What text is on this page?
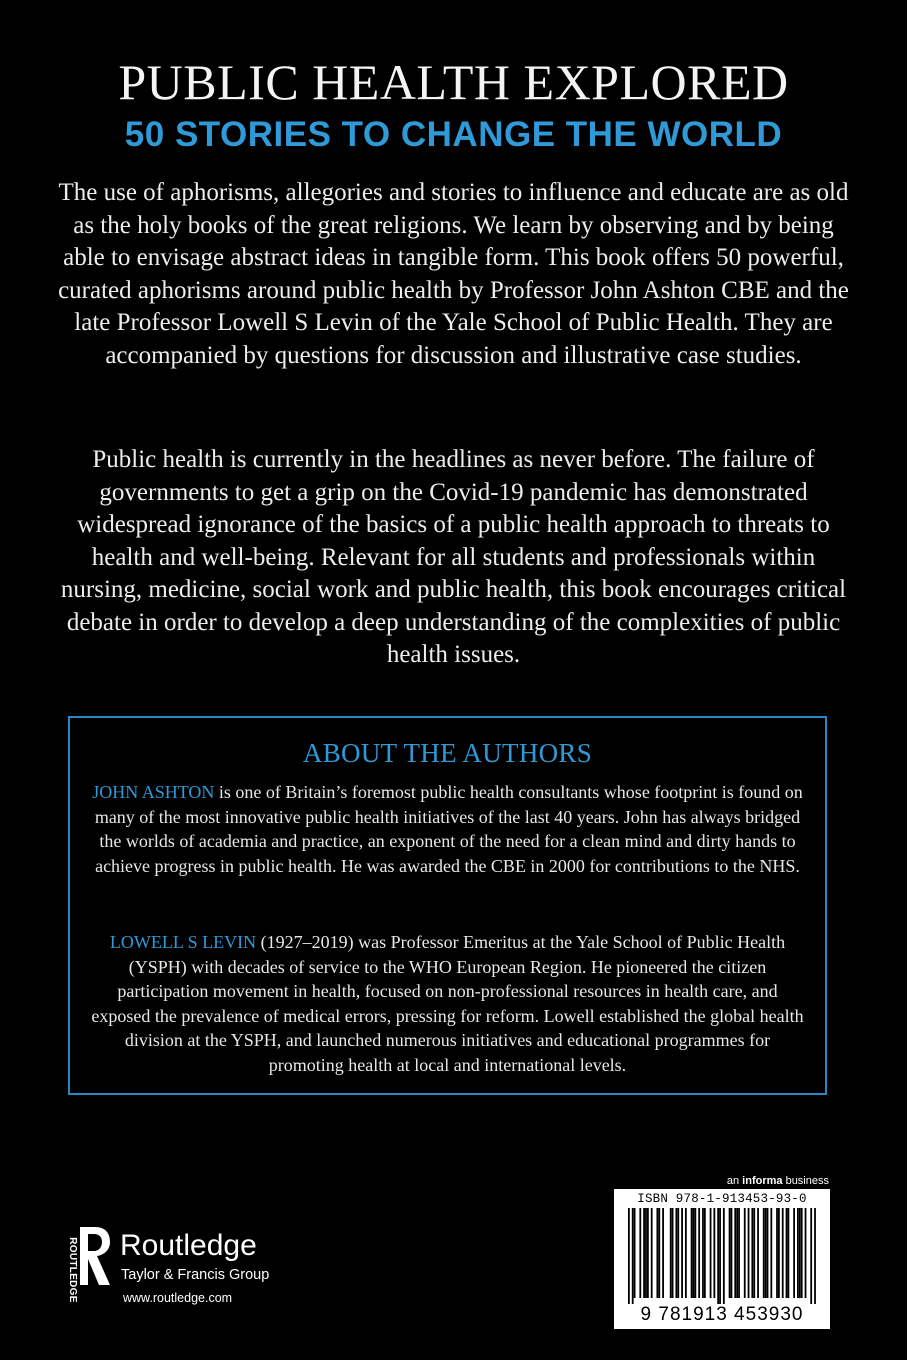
PUBLIC HEALTH EXPLORED
50 STORIES TO CHANGE THE WORLD

The use of aphorisms, allegories and stories to influence and educate are as old as the holy books of the great religions. We learn by observing and by being able to envisage abstract ideas in tangible form. This book offers 50 powerful, curated aphorisms around public health by Professor John Ashton CBE and the late Professor Lowell S Levin of the Yale School of Public Health. They are accompanied by questions for discussion and illustrative case studies.

Public health is currently in the headlines as never before. The failure of governments to get a grip on the Covid-19 pandemic has demonstrated widespread ignorance of the basics of a public health approach to threats to health and well-being. Relevant for all students and professionals within nursing, medicine, social work and public health, this book encourages critical debate in order to develop a deep understanding of the complexities of public health issues.

ABOUT THE AUTHORS

JOHN ASHTON is one of Britain’s foremost public health consultants whose footprint is found on many of the most innovative public health initiatives of the last 40 years. John has always bridged the worlds of academia and practice, an exponent of the need for a clean mind and dirty hands to achieve progress in public health. He was awarded the CBE in 2000 for contributions to the NHS.

LOWELL S LEVIN (1927–2019) was Professor Emeritus at the Yale School of Public Health (YSPH) with decades of service to the WHO European Region. He pioneered the citizen participation movement in health, focused on non-professional resources in health care, and exposed the prevalence of medical errors, pressing for reform. Lowell established the global health division at the YSPH, and launched numerous initiatives and educational programmes for promoting health at local and international levels.

ROUTLEDGE Routledge
Taylor & Francis Group
www.routledge.com
an informa business
ISBN 978-1-913453-93-0
9 781913 453930
